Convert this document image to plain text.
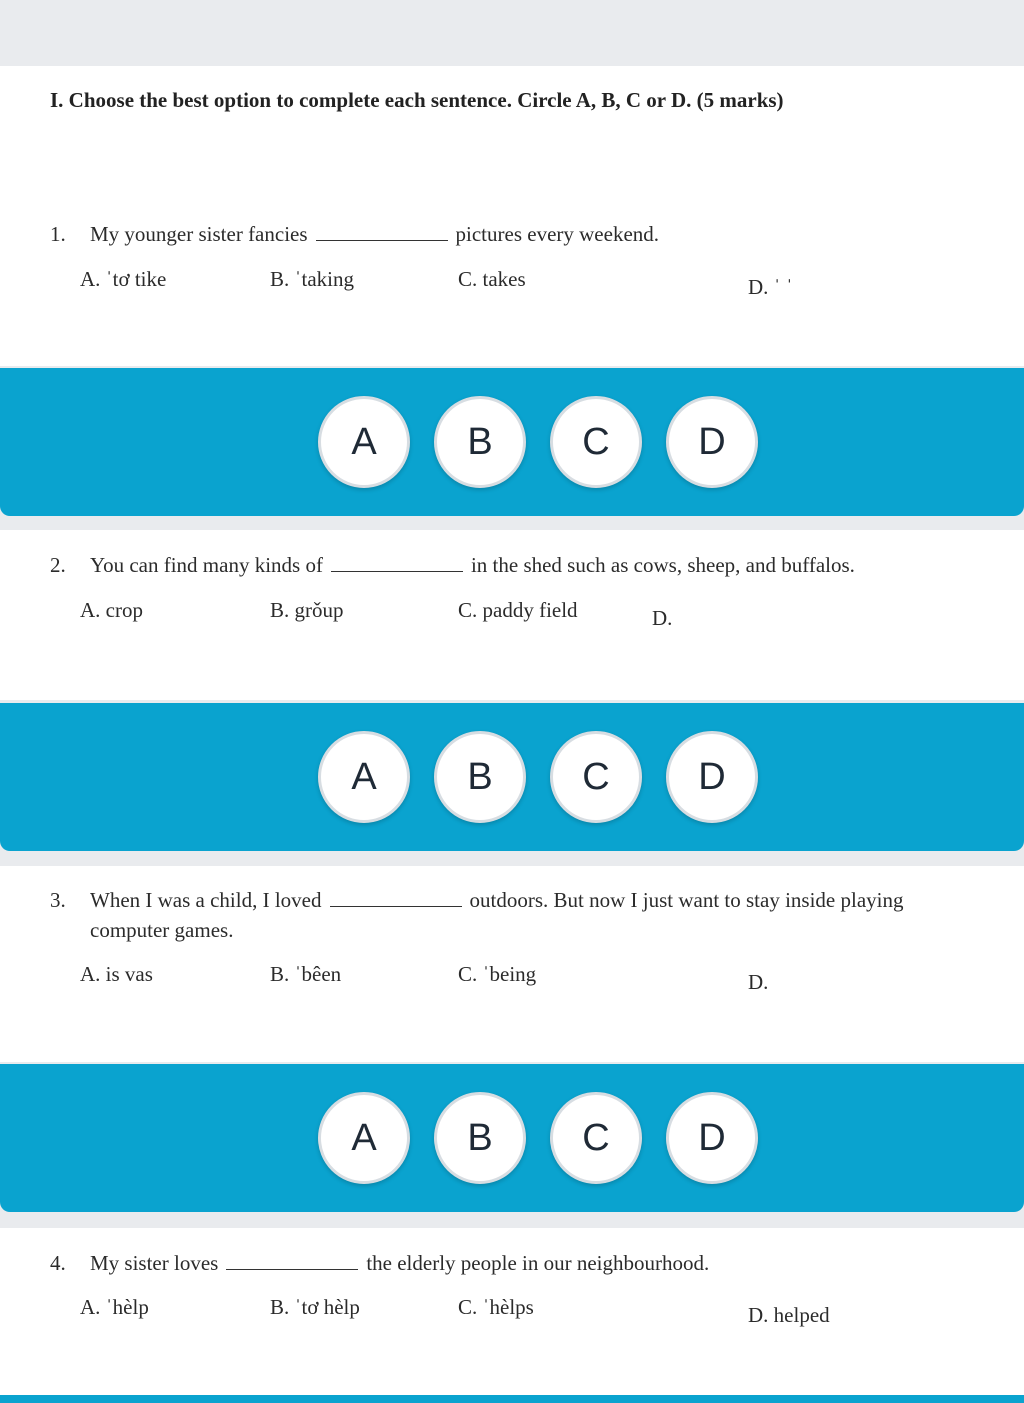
I. Choose the best option to complete each sentence. Circle A, B, C or D. (5 marks)
1. My younger sister fancies	pictures every weekend.
A. ˈtơ tike	B. ˈtaking	C. takes	D. ˈ ˈ
A	B	C	D
2. You can find many kinds of	in the shed such as cows, sheep, and buffalos.
A. crop	B. grǒup	C. paddy field	D.
A	B	C	D
3. When I was a child, I loved	outdoors. But now I just want to stay inside playing
computer games.
A. is vas	B. ˈbêen	C. ˈbeing	D.
A	B	C	D
4. My sister loves	the elderly people in our neighbourhood.
A. ˈhèlp	B. ˈtơ hèlp	C. ˈhèlps	D. helped
